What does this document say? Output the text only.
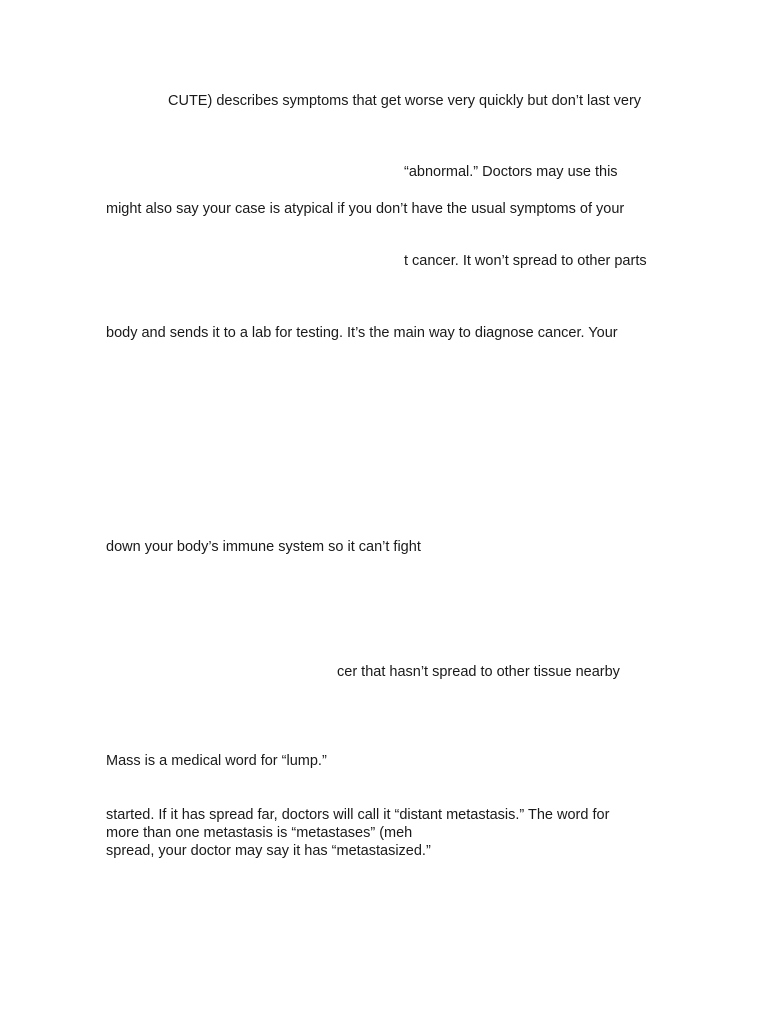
CUTE) describes symptoms that get worse very quickly but don’t last very
“abnormal.” Doctors may use this
might also say your case is atypical if you don’t have the usual symptoms of your
t cancer. It won’t spread to other parts
body and sends it to a lab for testing. It’s the main way to diagnose cancer. Your
down your body’s immune system so it can’t fight
cer that hasn’t spread to other tissue nearby
Mass is a medical word for “lump.”
started. If it has spread far, doctors will call it “distant metastasis.” The word for
more than one metastasis is “metastases” (meh
spread, your doctor may say it has “metastasized.”
